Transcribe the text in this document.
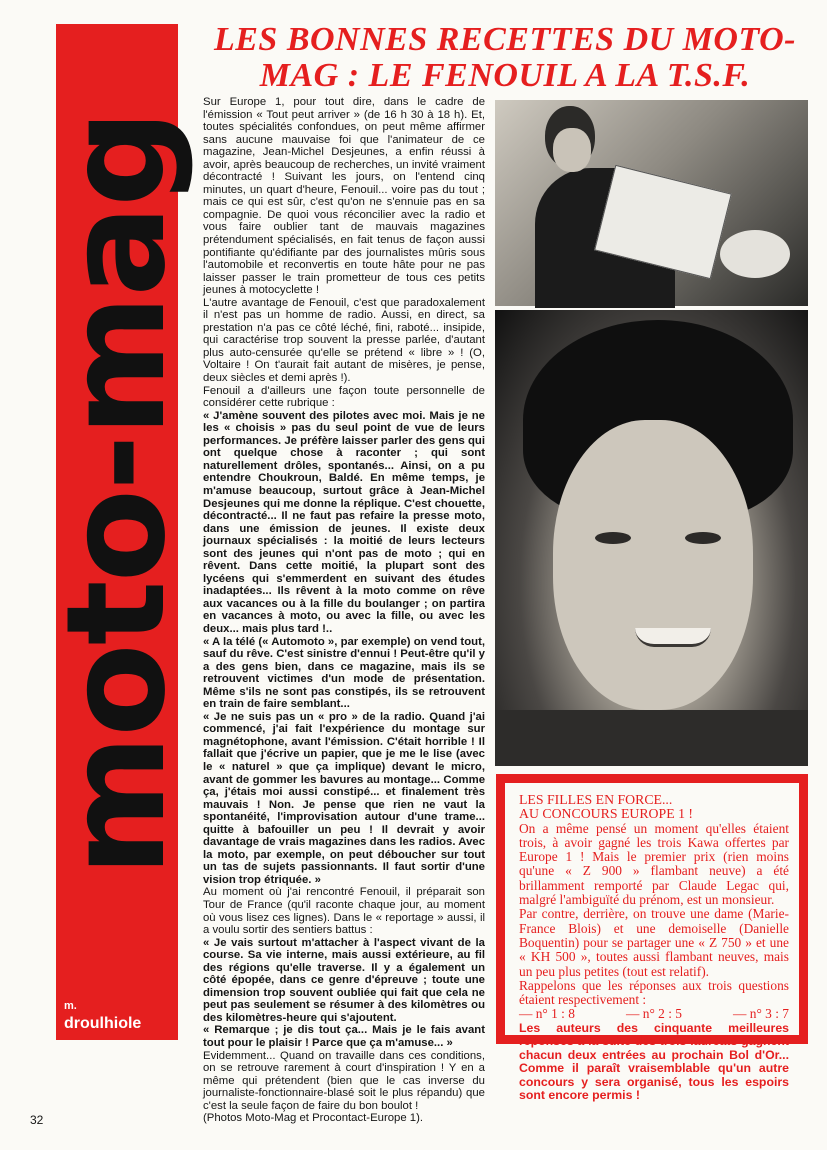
moto-mag
m.
droulhiole
LES BONNES RECETTES DU MOTO-MAG : LE FENOUIL A LA T.S.F.

Sur Europe 1, pour tout dire, dans le cadre de l'émission « Tout peut arriver » (de 16 h 30 à 18 h). Et, toutes spécialités confondues, on peut même affirmer sans aucune mauvaise foi que l'animateur de ce magazine, Jean-Michel Desjeunes, a enfin réussi à avoir, après beaucoup de recherches, un invité vraiment décontracté ! Suivant les jours, on l'entend cinq minutes, un quart d'heure, Fenouil... voire pas du tout ; mais ce qui est sûr, c'est qu'on ne s'ennuie pas en sa compagnie. De quoi vous réconcilier avec la radio et vous faire oublier tant de mauvais magazines prétendument spécialisés, en fait tenus de façon aussi pontifiante qu'édifiante par des journalistes mûris sous l'automobile et reconvertis en toute hâte pour ne pas laisser passer le train prometteur de tous ces petits jeunes à motocyclette !

L'autre avantage de Fenouil, c'est que paradoxalement il n'est pas un homme de radio. Aussi, en direct, sa prestation n'a pas ce côté léché, fini, raboté... insipide, qui caractérise trop souvent la presse parlée, d'autant plus auto-censurée qu'elle se prétend « libre » ! (O, Voltaire ! On t'aurait fait autant de misères, je pense, deux siècles et demi après !).

Fenouil a d'ailleurs une façon toute personnelle de considérer cette rubrique :

« J'amène souvent des pilotes avec moi. Mais je ne les « choisis » pas du seul point de vue de leurs performances. Je préfère laisser parler des gens qui ont quelque chose à raconter ; qui sont naturellement drôles, spontanés... Ainsi, on a pu entendre Choukroun, Baldé. En même temps, je m'amuse beaucoup, surtout grâce à Jean-Michel Desjeunes qui me donne la réplique. C'est chouette, décontracté... Il ne faut pas refaire la presse moto, dans une émission de jeunes. Il existe deux journaux spécialisés : la moitié de leurs lecteurs sont des jeunes qui n'ont pas de moto ; qui en rêvent. Dans cette moitié, la plupart sont des lycéens qui s'emmerdent en suivant des études inadaptées... Ils rêvent à la moto comme on rêve aux vacances ou à la fille du boulanger ; on partira en vacances à moto, ou avec la fille, ou avec les deux... mais plus tard !..

« A la télé (« Automoto », par exemple) on vend tout, sauf du rêve. C'est sinistre d'ennui ! Peut-être qu'il y a des gens bien, dans ce magazine, mais ils se retrouvent victimes d'un mode de présentation. Même s'ils ne sont pas constipés, ils se retrouvent en train de faire semblant...

« Je ne suis pas un « pro » de la radio. Quand j'ai commencé, j'ai fait l'expérience du montage sur magnétophone, avant l'émission. C'était horrible ! Il fallait que j'écrive un papier, que je me le lise (avec le « naturel » que ça implique) devant le micro, avant de gommer les bavures au montage... Comme ça, j'étais moi aussi constipé... et finalement très mauvais ! Non. Je pense que rien ne vaut la spontanéité, l'improvisation autour d'une trame... quitte à bafouiller un peu ! Il devrait y avoir davantage de vrais magazines dans les radios. Avec la moto, par exemple, on peut déboucher sur tout un tas de sujets passionnants. Il faut sortir d'une vision trop étriquée. »

Au moment où j'ai rencontré Fenouil, il préparait son Tour de France (qu'il raconte chaque jour, au moment où vous lisez ces lignes). Dans le « reportage » aussi, il a voulu sortir des sentiers battus :

« Je vais surtout m'attacher à l'aspect vivant de la course. Sa vie interne, mais aussi extérieure, au fil des régions qu'elle traverse. Il y a également un côté épopée, dans ce genre d'épreuve ; toute une dimension trop souvent oubliée qui fait que cela ne peut pas seulement se résumer à des kilomètres ou des kilomètres-heure qui s'ajoutent.

« Remarque ; je dis tout ça... Mais je le fais avant tout pour le plaisir ! Parce que ça m'amuse... »

Evidemment... Quand on travaille dans ces conditions, on se retrouve rarement à court d'inspiration ! Y en a même qui prétendent (bien que le cas inverse du journaliste-fonctionnaire-blasé soit le plus répandu) que c'est la seule façon de faire du bon boulot !

(Photos Moto-Mag et Procontact-Europe 1).

LES FILLES EN FORCE...

AU CONCOURS EUROPE 1 !

On a même pensé un moment qu'elles étaient trois, à avoir gagné les trois Kawa offertes par Europe 1 ! Mais le premier prix (rien moins qu'une « Z 900 » flambant neuve) a été brillamment remporté par Claude Legac qui, malgré l'ambiguïté du prénom, est un monsieur.

Par contre, derrière, on trouve une dame (Marie-France Blois) et une demoiselle (Danielle Boquentin) pour se partager une « Z 750 » et une « KH 500 », toutes aussi flambant neuves, mais un peu plus petites (tout est relatif).

Rappelons que les réponses aux trois questions étaient respectivement :

— n° 1 : 8	— n° 2 : 5	— n° 3 : 7

Les auteurs des cinquante meilleures réponses à la suite des trois lauréats gagnent chacun deux entrées au prochain Bol d'Or... Comme il paraît vraisemblable qu'un autre concours y sera organisé, tous les espoirs sont encore permis !

32
